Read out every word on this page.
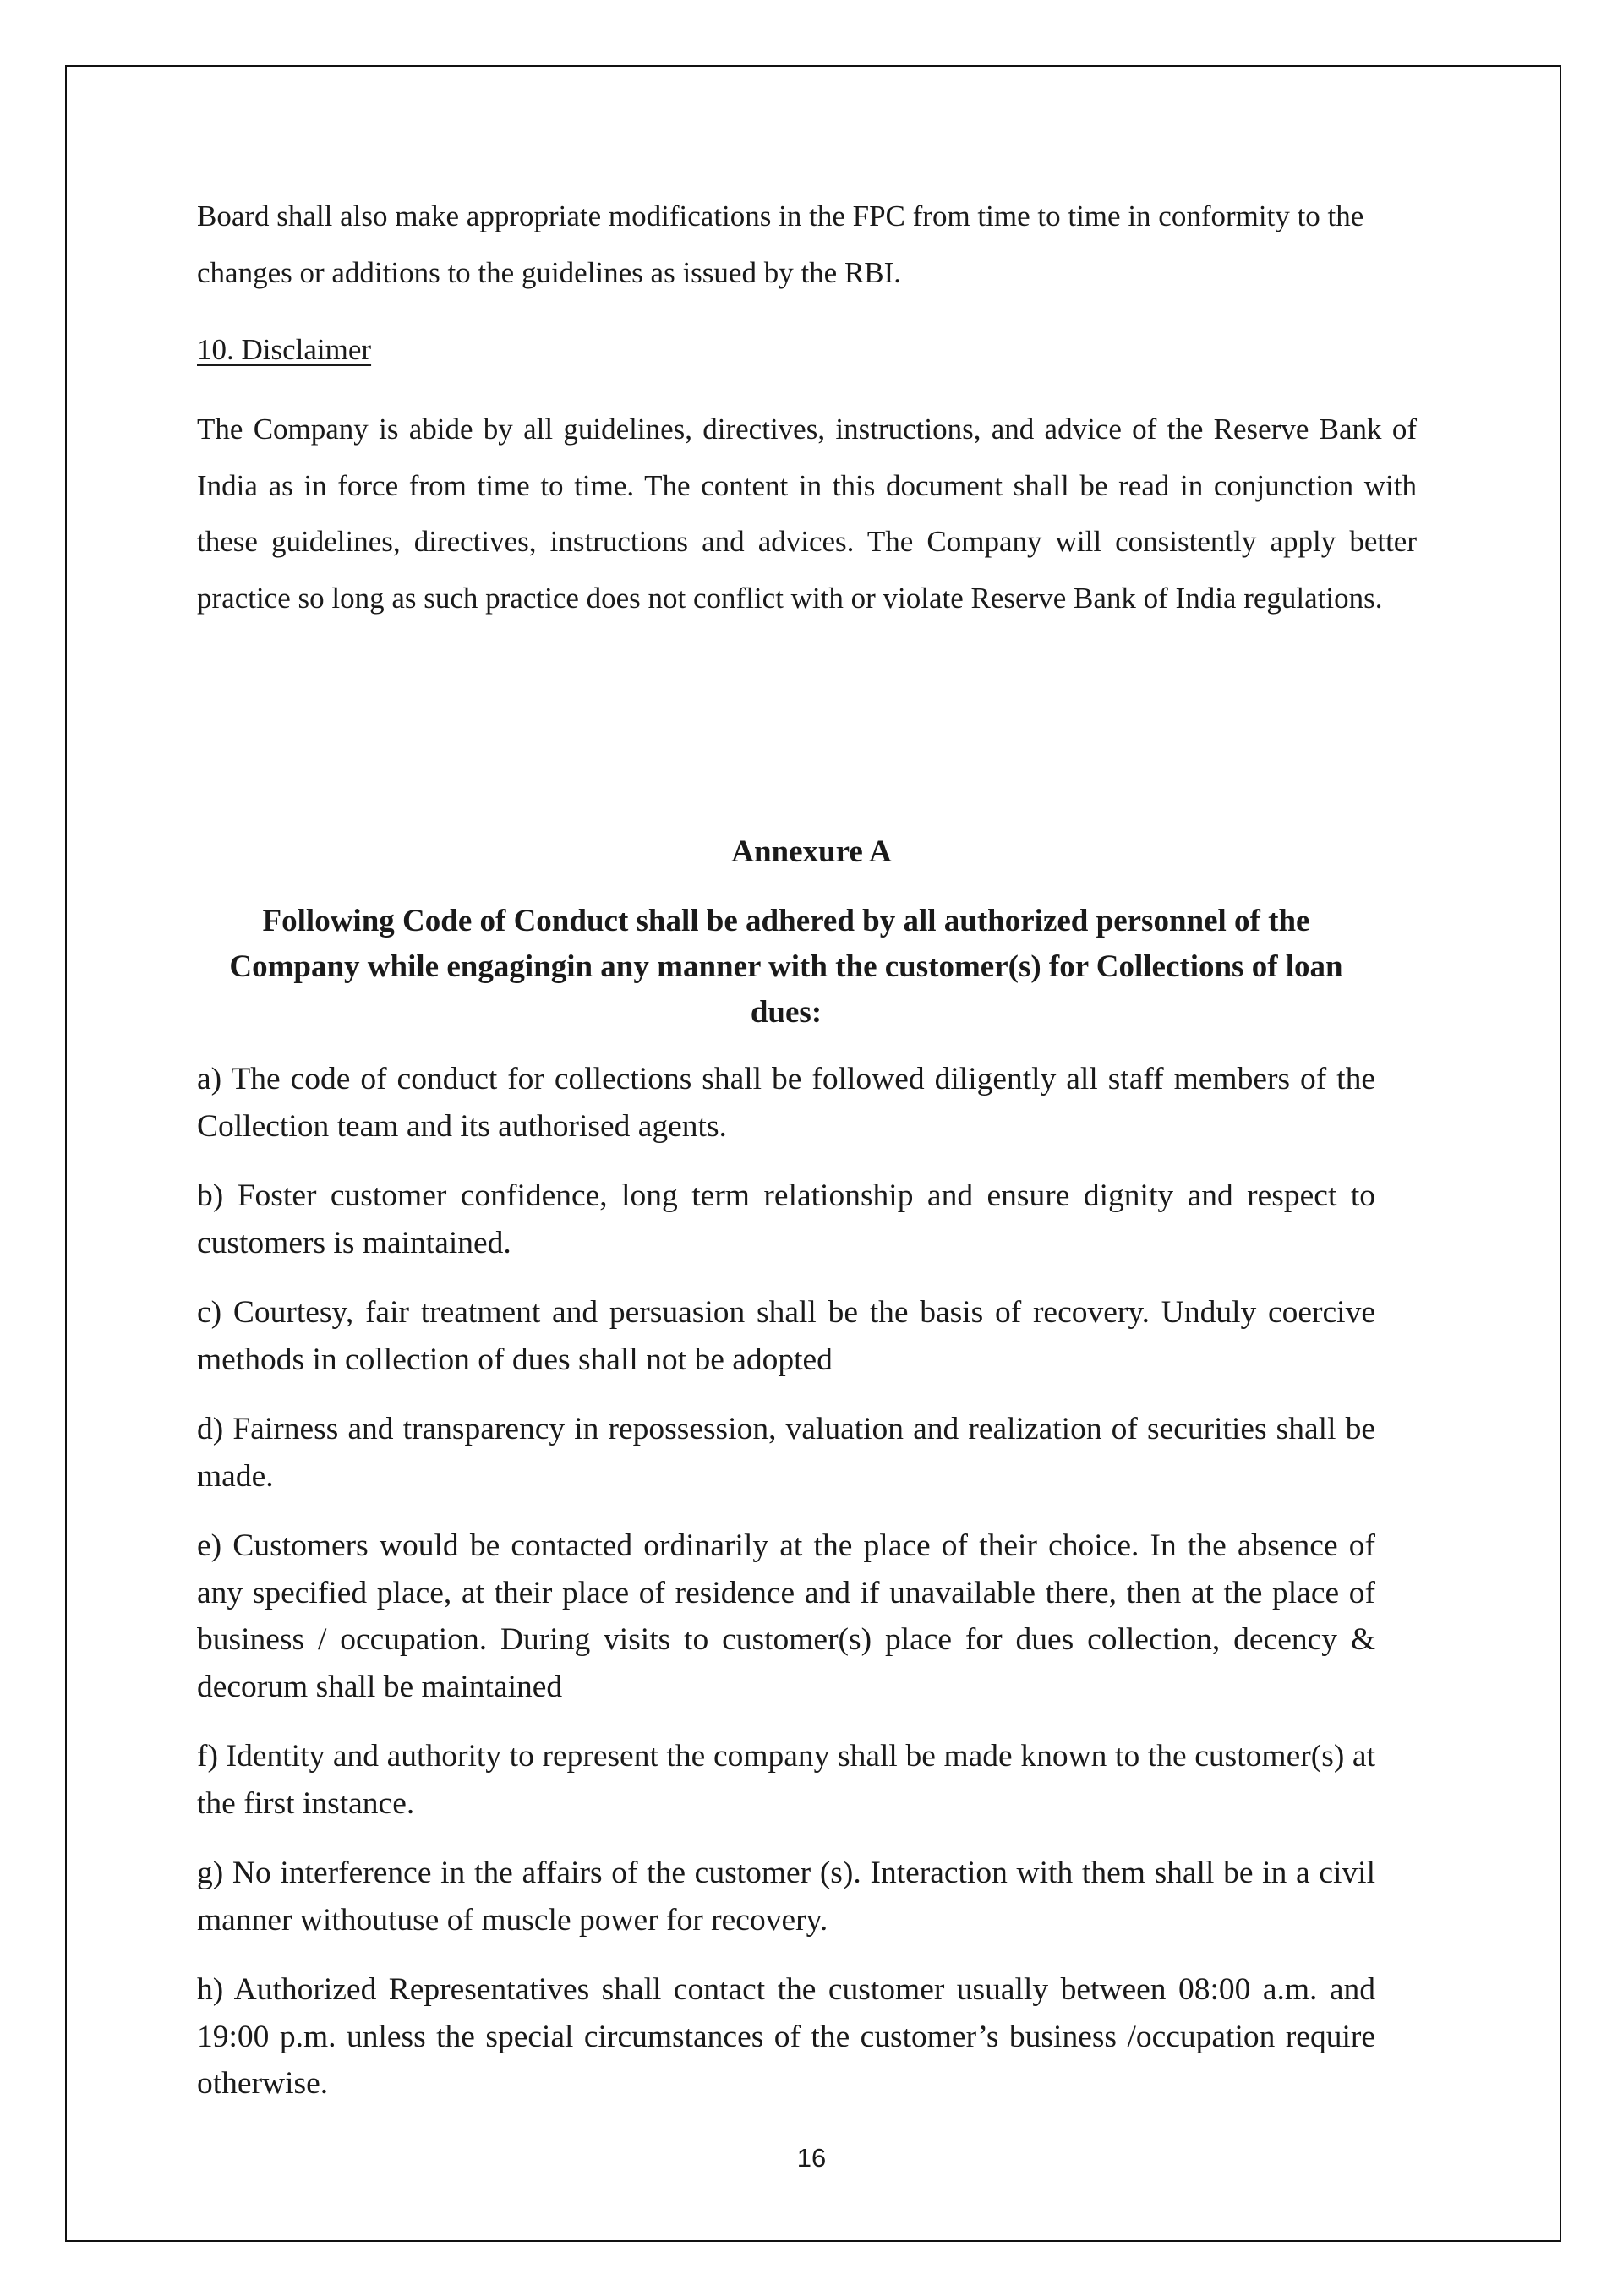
Board shall also make appropriate modifications in the FPC from time to time in conformity to the changes or additions to the guidelines as issued by the RBI.

10. Disclaimer

The Company is abide by all guidelines, directives, instructions, and advice of the Reserve Bank of India as in force from time to time. The content in this document shall be read in conjunction with these guidelines, directives, instructions and advices. The Company will consistently apply better practice so long as such practice does not conflict with or violate Reserve Bank of India regulations.

Annexure A
Following Code of Conduct shall be adhered by all authorized personnel of the Company while engagingin any manner with the customer(s) for Collections of loan dues:

a) The code of conduct for collections shall be followed diligently all staff members of the Collection team and its authorised agents.

b) Foster customer confidence, long term relationship and ensure dignity and respect to customers is maintained.

c) Courtesy, fair treatment and persuasion shall be the basis of recovery. Unduly coercive methods in collection of dues shall not be adopted

d) Fairness and transparency in repossession, valuation and realization of securities shall be made.

e) Customers would be contacted ordinarily at the place of their choice. In the absence of any specified place, at their place of residence and if unavailable there, then at the place of business / occupation. During visits to customer(s) place for dues collection, decency & decorum shall be maintained

f) Identity and authority to represent the company shall be made known to the customer(s) at the first instance.

g) No interference in the affairs of the customer (s). Interaction with them shall be in a civil manner withoutuse of muscle power for recovery.

h) Authorized Representatives shall contact the customer usually between 08:00 a.m. and 19:00 p.m. unless the special circumstances of the customer’s business /occupation require otherwise.

16
